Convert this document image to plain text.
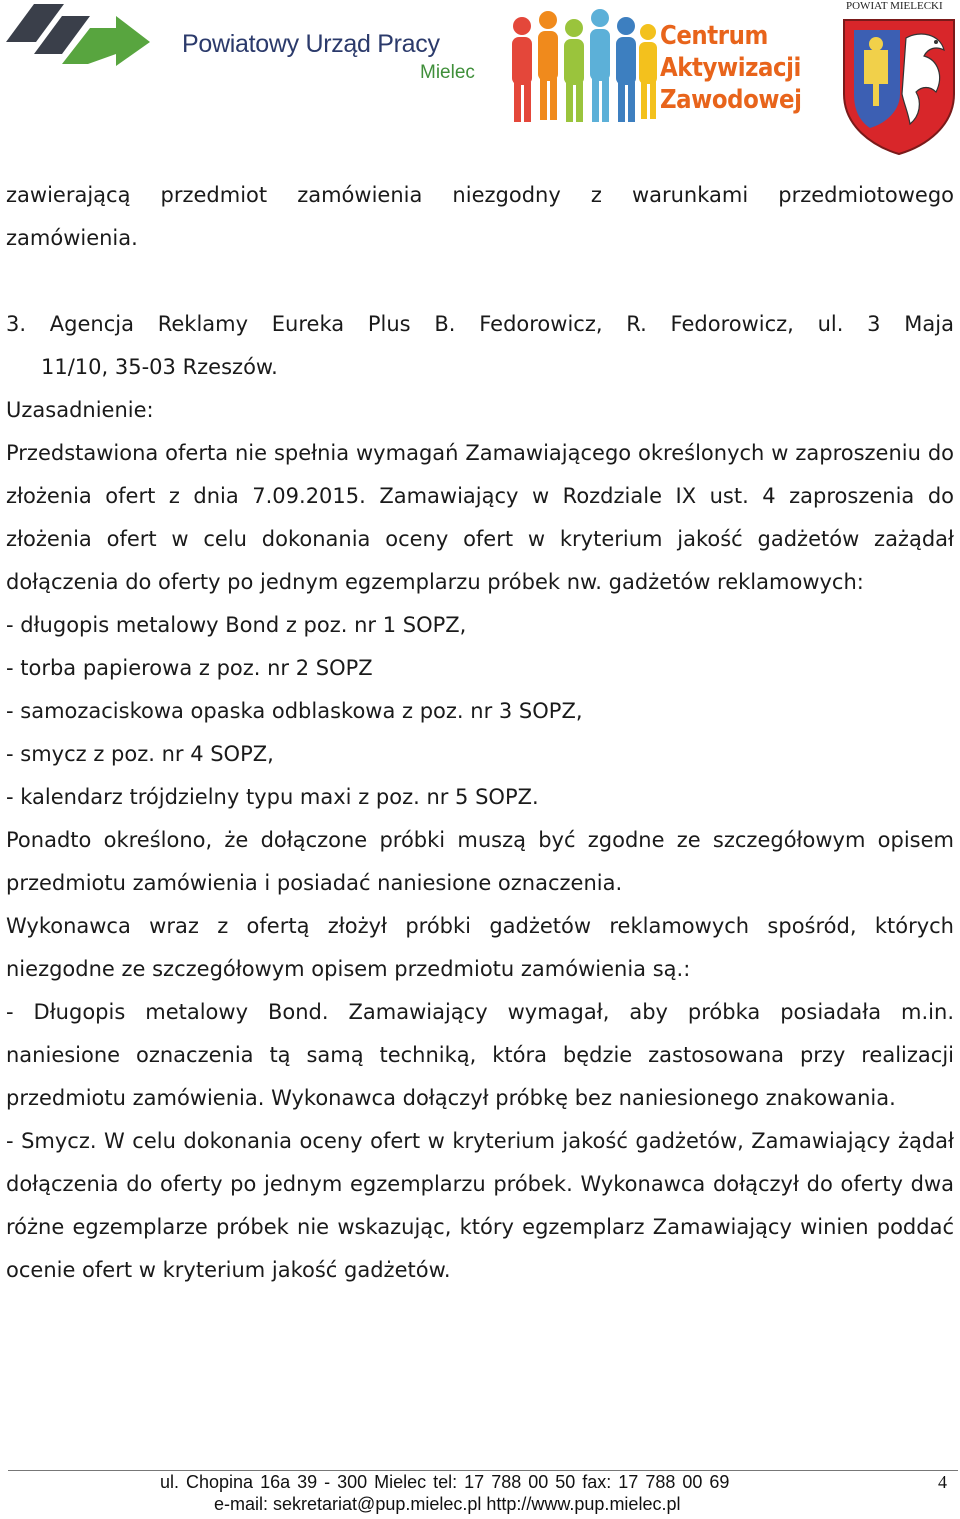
Powiatowy Urząd Pracy
Mielec
Centrum
Aktywizacji
Zawodowej
POWIAT MIELECKI

zawierającą przedmiot zamówienia niezgodny z warunkami przedmiotowego

zamówienia.

3. Agencja Reklamy Eureka Plus B. Fedorowicz, R. Fedorowicz, ul. 3 Maja

11/10, 35-03 Rzeszów.

Uzasadnienie:

Przedstawiona oferta nie spełnia wymagań Zamawiającego określonych w zaproszeniu do złożenia ofert z dnia 7.09.2015. Zamawiający w Rozdziale IX ust. 4 zaproszenia do złożenia ofert w celu dokonania oceny ofert w kryterium jakość gadżetów zażądał dołączenia do oferty po jednym egzemplarzu próbek nw. gadżetów reklamowych:

- długopis metalowy Bond z poz. nr 1 SOPZ,

- torba papierowa z poz. nr 2 SOPZ

- samozaciskowa opaska odblaskowa z poz. nr 3 SOPZ,

- smycz z poz. nr 4 SOPZ,

- kalendarz trójdzielny typu maxi z poz. nr 5 SOPZ.

Ponadto określono, że dołączone próbki muszą być zgodne ze szczegółowym opisem przedmiotu zamówienia i posiadać naniesione oznaczenia.

Wykonawca wraz z ofertą złożył próbki gadżetów reklamowych spośród, których niezgodne ze szczegółowym opisem przedmiotu zamówienia są.:

- Długopis metalowy Bond. Zamawiający wymagał, aby próbka posiadała m.in. naniesione oznaczenia tą samą techniką, która będzie zastosowana przy realizacji przedmiotu zamówienia. Wykonawca dołączył próbkę bez naniesionego znakowania.

- Smycz. W celu dokonania oceny ofert w kryterium jakość gadżetów, Zamawiający żądał dołączenia do oferty po jednym egzemplarzu próbek. Wykonawca dołączył do oferty dwa różne egzemplarze próbek nie wskazując, który egzemplarz Zamawiający winien poddać ocenie ofert w kryterium jakość gadżetów.

ul. Chopina 16a 39 - 300 Mielec tel: 17 788 00 50 fax: 17 788 00 69
e-mail: sekretariat@pup.mielec.pl http://www.pup.mielec.pl
4
